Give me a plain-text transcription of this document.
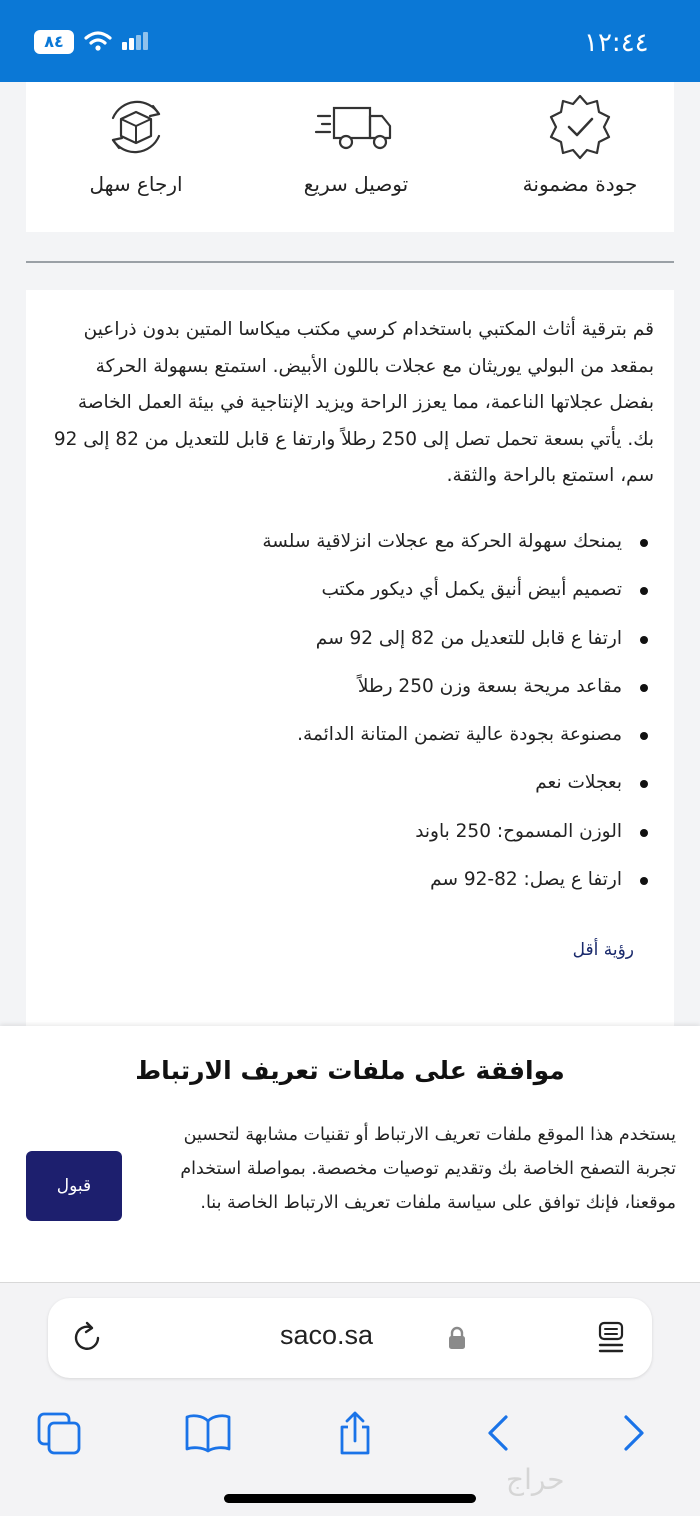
٨٤	١٢:٤٤
جودة مضمونة
توصيل سريع
ارجاع سهل

قم بترقية أثاث المكتبي باستخدام كرسي مكتب ميكاسا المتين بدون ذراعين بمقعد من البولي يوريثان مع عجلات باللون الأبيض. استمتع بسهولة الحركة بفضل عجلاتها الناعمة، مما يعزز الراحة ويزيد الإنتاجية في بيئة العمل الخاصة بك. يأتي بسعة تحمل تصل إلى 250 رطلاً وارتفا ع قابل للتعديل من 82 إلى 92 سم، استمتع بالراحة والثقة.

يمنحك سهولة الحركة مع عجلات انزلاقية سلسة
تصميم أبيض أنيق يكمل أي ديكور مكتب
ارتفا ع قابل للتعديل من 82 إلى 92 سم
مقاعد مريحة بسعة وزن 250 رطلاً
مصنوعة بجودة عالية تضمن المتانة الدائمة.
بعجلات نعم
الوزن المسموح: 250 باوند
ارتفا ع يصل: 82-92 سم
رؤية أقل
موافقة على ملفات تعريف الارتباط

يستخدم هذا الموقع ملفات تعريف الارتباط أو تقنيات مشابهة لتحسين تجربة التصفح الخاصة بك وتقديم توصيات مخصصة. بمواصلة استخدام موقعنا، فإنك توافق على سياسة ملفات تعريف الارتباط الخاصة بنا.

قبول
saco.sa
حراج
